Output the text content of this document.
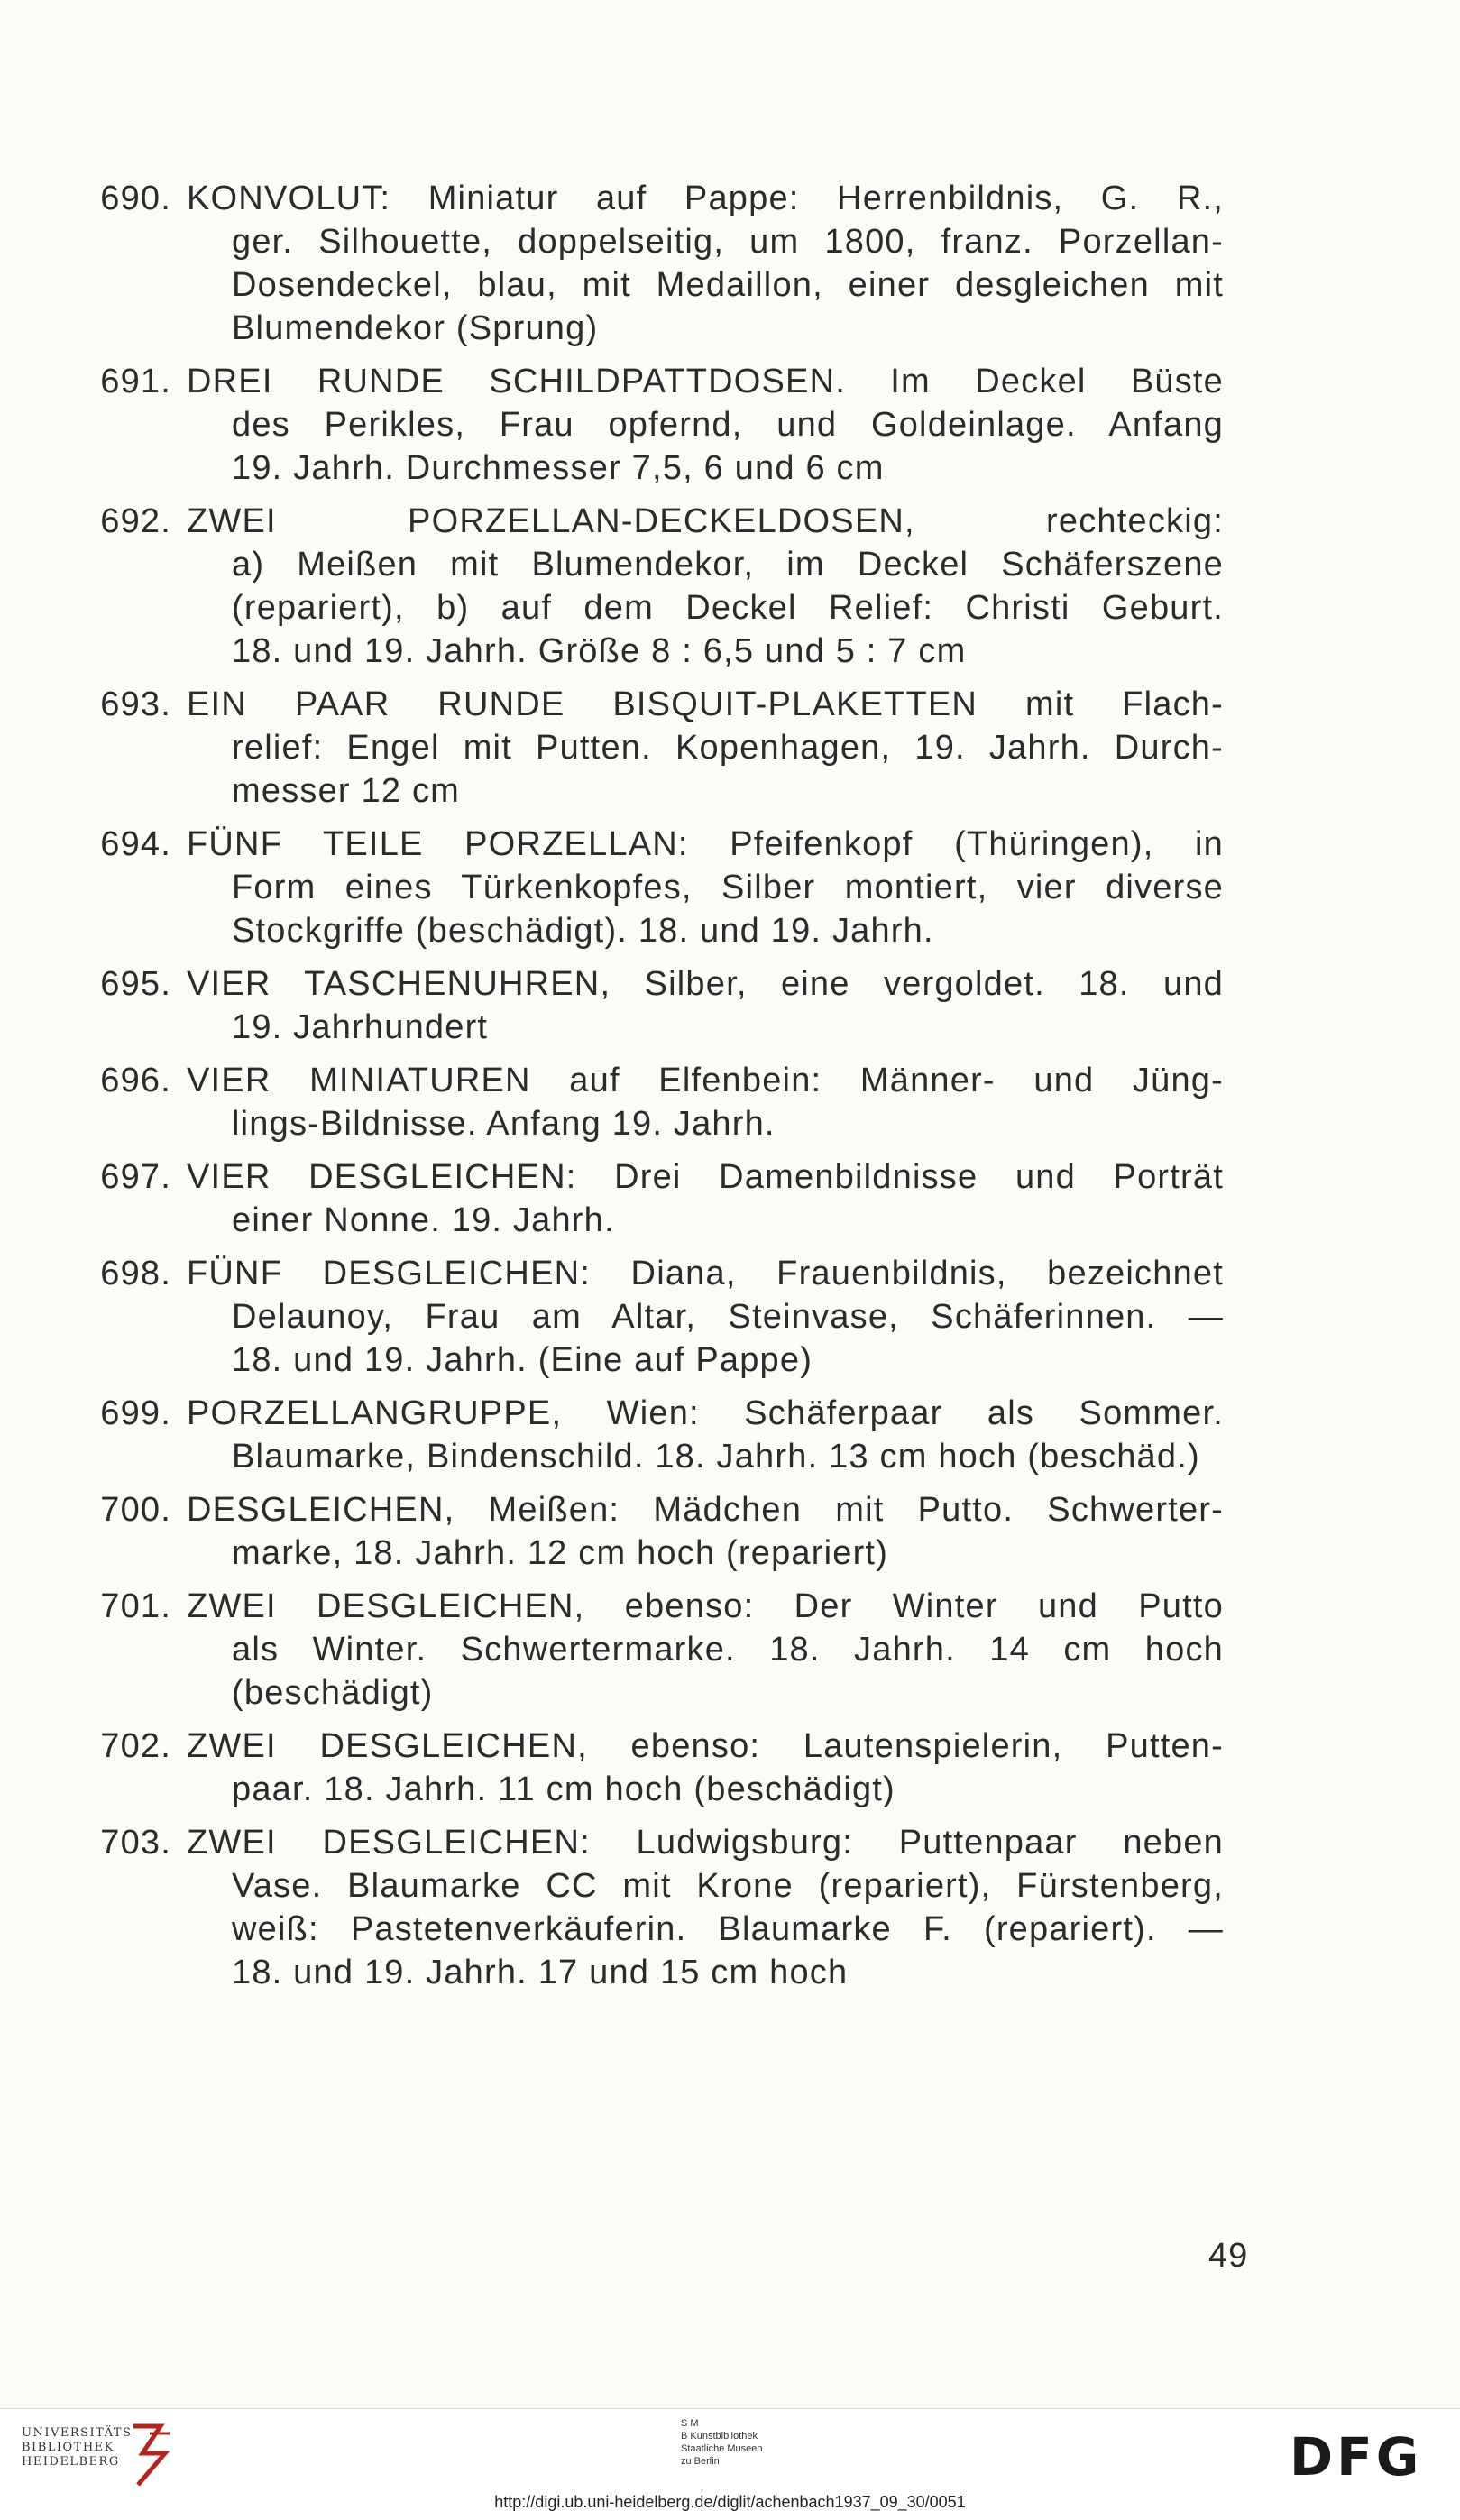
690. KONVOLUT: Miniatur auf Pappe: Herrenbildnis, G. R.,
ger. Silhouette, doppelseitig, um 1800, franz. Porzellan-
Dosendeckel, blau, mit Medaillon, einer desgleichen mit
Blumendekor (Sprung)
691. DREI RUNDE SCHILDPATTDOSEN. Im Deckel Büste
des Perikles, Frau opfernd, und Goldeinlage. Anfang
19. Jahrh. Durchmesser 7,5, 6 und 6 cm
692. ZWEI PORZELLAN-DECKELDOSEN, rechteckig:
a) Meißen mit Blumendekor, im Deckel Schäferszene
(repariert), b) auf dem Deckel Relief: Christi Geburt.
18. und 19. Jahrh. Größe 8 : 6,5 und 5 : 7 cm
693. EIN PAAR RUNDE BISQUIT-PLAKETTEN mit Flach-
relief: Engel mit Putten. Kopenhagen, 19. Jahrh. Durch-
messer 12 cm
694. FÜNF TEILE PORZELLAN: Pfeifenkopf (Thüringen), in
Form eines Türkenkopfes, Silber montiert, vier diverse
Stockgriffe (beschädigt). 18. und 19. Jahrh.
695. VIER TASCHENUHREN, Silber, eine vergoldet. 18. und
19. Jahrhundert
696. VIER MINIATUREN auf Elfenbein: Männer- und Jüng-
lings-Bildnisse. Anfang 19. Jahrh.
697. VIER DESGLEICHEN: Drei Damenbildnisse und Porträt
einer Nonne. 19. Jahrh.
698. FÜNF DESGLEICHEN: Diana, Frauenbildnis, bezeichnet
Delaunoy, Frau am Altar, Steinvase, Schäferinnen. —
18. und 19. Jahrh. (Eine auf Pappe)
699. PORZELLANGRUPPE, Wien: Schäferpaar als Sommer.
Blaumarke, Bindenschild. 18. Jahrh. 13 cm hoch (beschäd.)
700. DESGLEICHEN, Meißen: Mädchen mit Putto. Schwerter-
marke, 18. Jahrh. 12 cm hoch (repariert)
701. ZWEI DESGLEICHEN, ebenso: Der Winter und Putto
als Winter. Schwertermarke. 18. Jahrh. 14 cm hoch
(beschädigt)
702. ZWEI DESGLEICHEN, ebenso: Lautenspielerin, Putten-
paar. 18. Jahrh. 11 cm hoch (beschädigt)
703. ZWEI DESGLEICHEN: Ludwigsburg: Puttenpaar neben
Vase. Blaumarke CC mit Krone (repariert), Fürstenberg,
weiß: Pastetenverkäuferin. Blaumarke F. (repariert). —
18. und 19. Jahrh. 17 und 15 cm hoch
49
UNIVERSITÄTS-
BIBLIOTHEK
HEIDELBERG
S M
B Kunstbibliothek
Staatliche Museen
zu Berlin	DFG
http://digi.ub.uni-heidelberg.de/diglit/achenbach1937_09_30/0051
